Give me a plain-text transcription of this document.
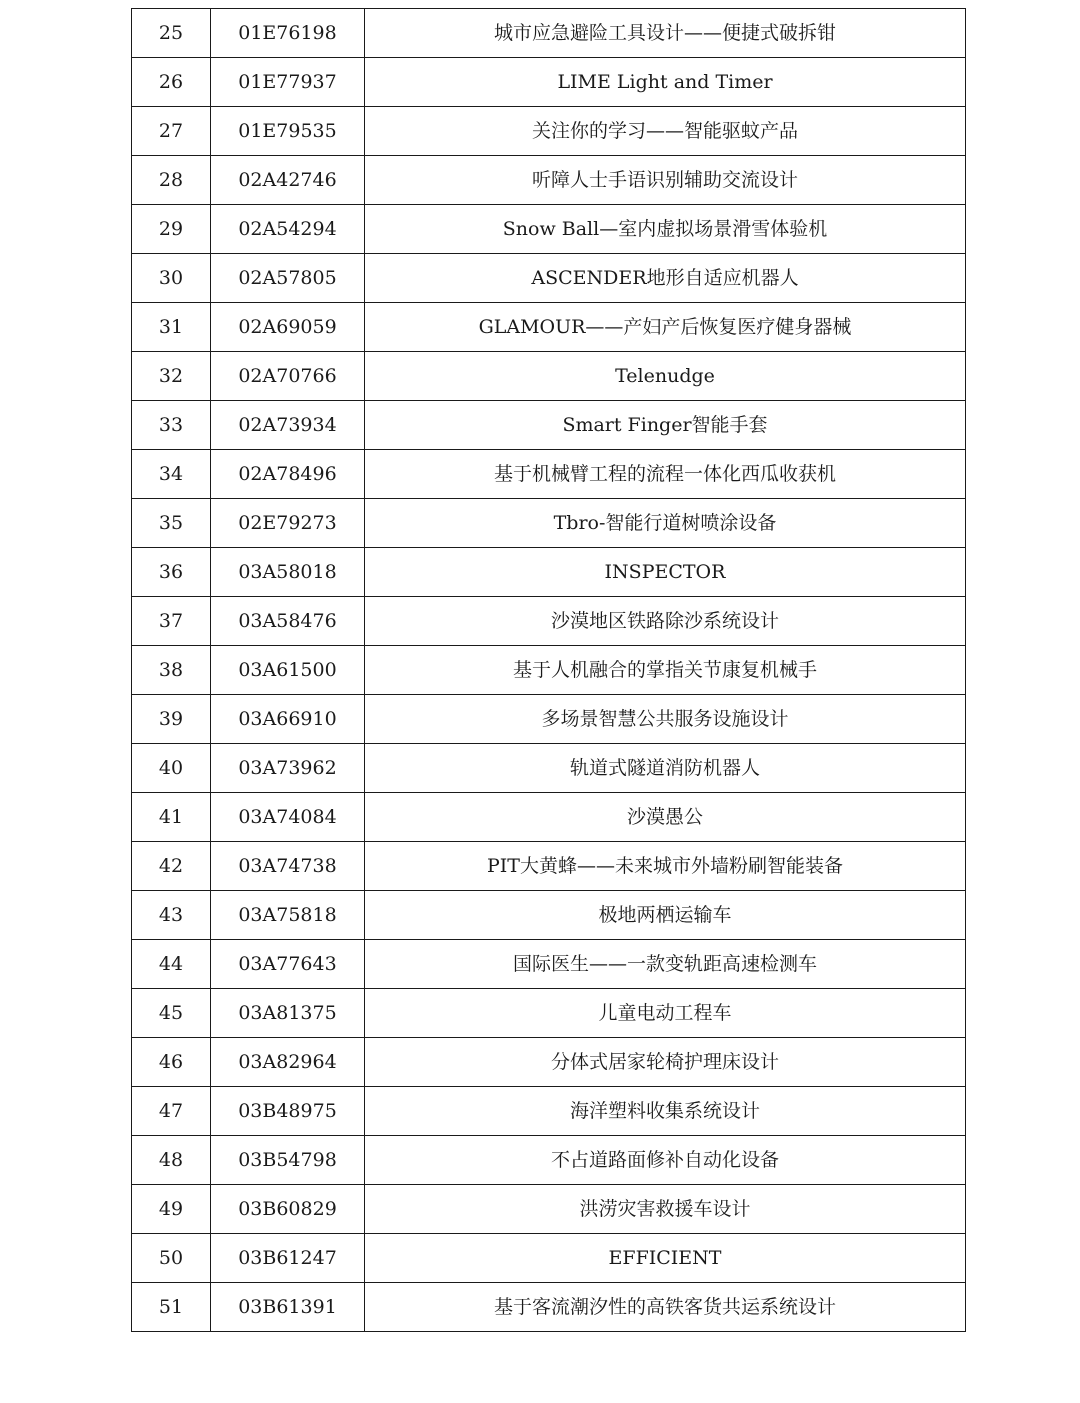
25	01E76198	城市应急避险工具设计——便捷式破拆钳
26	01E77937	LIME Light and Timer
27	01E79535	关注你的学习——智能驱蚊产品
28	02A42746	听障人士手语识别辅助交流设计
29	02A54294	Snow Ball—室内虚拟场景滑雪体验机
30	02A57805	ASCENDER地形自适应机器人
31	02A69059	GLAMOUR——产妇产后恢复医疗健身器械
32	02A70766	Telenudge
33	02A73934	Smart Finger智能手套
34	02A78496	基于机械臂工程的流程一体化西瓜收获机
35	02E79273	Tbro-智能行道树喷涂设备
36	03A58018	INSPECTOR
37	03A58476	沙漠地区铁路除沙系统设计
38	03A61500	基于人机融合的掌指关节康复机械手
39	03A66910	多场景智慧公共服务设施设计
40	03A73962	轨道式隧道消防机器人
41	03A74084	沙漠愚公
42	03A74738	PIT大黄蜂——未来城市外墙粉刷智能装备
43	03A75818	极地两栖运输车
44	03A77643	国际医生——一款变轨距高速检测车
45	03A81375	儿童电动工程车
46	03A82964	分体式居家轮椅护理床设计
47	03B48975	海洋塑料收集系统设计
48	03B54798	不占道路面修补自动化设备
49	03B60829	洪涝灾害救援车设计
50	03B61247	EFFICIENT
51	03B61391	基于客流潮汐性的高铁客货共运系统设计
